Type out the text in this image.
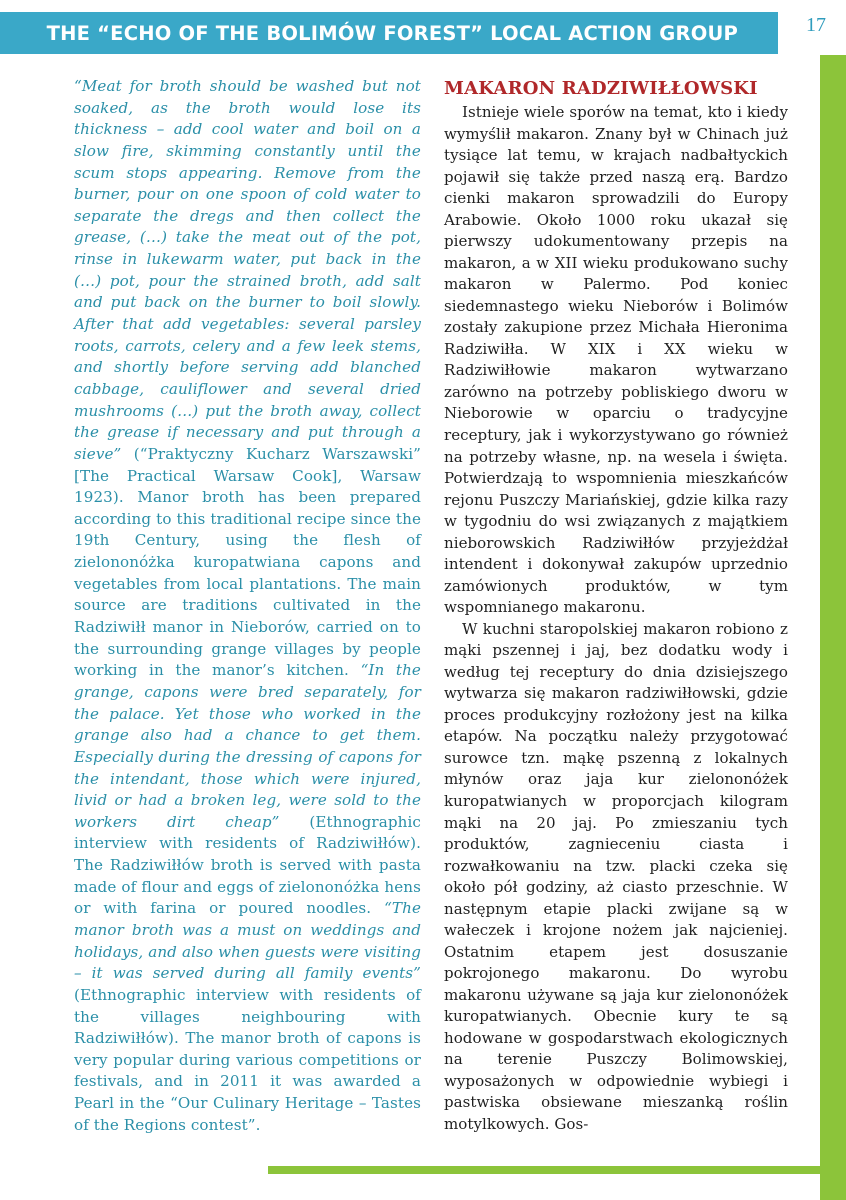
THE “ECHO OF THE BOLIMÓW FOREST” LOCAL ACTION GROUP	17
“Meat for broth should be washed but not soaked, as the broth would lose its thickness – add cool water and boil on a slow fire, skimming constantly until the scum stops appearing. Remove from the burner, pour on one spoon of cold water to separate the dregs and then collect the grease, (…) take the meat out of the pot, rinse in lukewarm water, put back in the (…) pot, pour the strained broth, add salt and put back on the burner to boil slowly. After that add vegetables: several parsley roots, carrots, celery and a few leek stems, and shortly before serving add blanched cabbage, cauliflower and several dried mushrooms (…) put the broth away, collect the grease if necessary and put through a sieve” (“Praktyczny Kucharz Warszawski” [The Practical Warsaw Cook], Warsaw 1923). Manor broth has been prepared according to this traditional recipe since the 19th Century, using the flesh of zielononóżka kuropatwiana capons and vegetables from local plantations. The main source are traditions cultivated in the Radziwiłł manor in Nieborów, carried on to the surrounding grange villages by people working in the manor’s kitchen. “In the grange, capons were bred separately, for the palace. Yet those who worked in the grange also had a chance to get them. Especially during the dressing of capons for the intendant, those which were injured, livid or had a broken leg, were sold to the workers dirt cheap” (Ethnographic interview with residents of Radziwiłłów). The Radziwiłłów broth is served with pasta made of flour and eggs of zielononóżka hens or with farina or poured noodles. “The manor broth was a must on weddings and holidays, and also when guests were visiting – it was served during all family events” (Ethnographic interview with residents of the villages neighbouring with Radziwiłłów). The manor broth of capons is very popular during various competitions or festivals, and in 2011 it was awarded a Pearl in the “Our Culinary Heritage – Tastes of the Regions contest”.
MAKARON RADZIWIŁŁOWSKI

Istnieje wiele sporów na temat, kto i kiedy wymyślił makaron. Znany był w Chinach już tysiące lat temu, w krajach nadbałtyckich pojawił się także przed naszą erą. Bardzo cienki makaron sprowadzili do Europy Arabowie. Około 1000 roku ukazał się pierwszy udokumentowany przepis na makaron, a w XII wieku produkowano suchy makaron w Palermo. Pod koniec siedemnastego wieku Nieborów i Bolimów zostały zakupione przez Michała Hieronima Radziwiłła. W XIX i XX wieku w Radziwiłłowie makaron wytwarzano zarówno na potrzeby pobliskiego dworu w Nieborowie w oparciu o tradycyjne receptury, jak i wykorzystywano go również na potrzeby własne, np. na wesela i święta. Potwierdzają to wspomnienia mieszkańców rejonu Puszczy Mariańskiej, gdzie kilka razy w tygodniu do wsi związanych z majątkiem nieborowskich Radziwiłłów przyjeżdżał intendent i dokonywał zakupów uprzednio zamówionych produktów, w tym wspomnianego makaronu.

W kuchni staropolskiej makaron robiono z mąki pszennej i jaj, bez dodatku wody i według tej receptury do dnia dzisiejszego wytwarza się makaron radziwiłłowski, gdzie proces produkcyjny rozłożony jest na kilka etapów. Na początku należy przygotować surowce tzn. mąkę pszenną z lokalnych młynów oraz jaja kur zielononóżek kuropatwianych w proporcjach kilogram mąki na 20 jaj. Po zmieszaniu tych produktów, zagnieceniu ciasta i rozwałkowaniu na tzw. placki czeka się około pół godziny, aż ciasto przeschnie. W następnym etapie placki zwijane są w wałeczek i krojone nożem jak najcieniej. Ostatnim etapem jest dosuszanie pokrojonego makaronu. Do wyrobu makaronu używane są jaja kur zielononóżek kuropatwianych. Obecnie kury te są hodowane w gospodarstwach ekologicznych na terenie Puszczy Bolimowskiej, wyposażonych w odpowiednie wybiegi i pastwiska obsiewane mieszanką roślin motylkowych. Gos-
